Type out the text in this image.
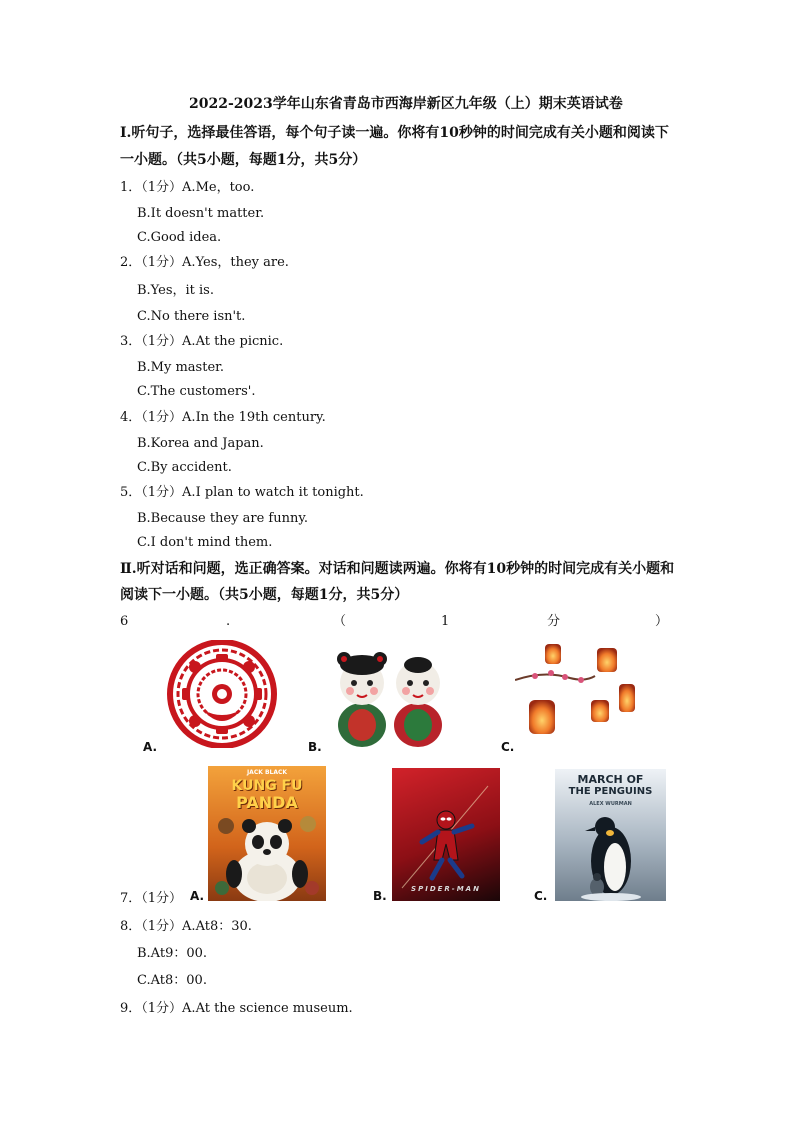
2022-2023学年山东省青岛市西海岸新区九年级（上）期末英语试卷
Ⅰ.听句子，选择最佳答语，每个句子读一遍。你将有10秒钟的时间完成有关小题和阅读下
一小题。（共5小题，每题1分，共5分）
1．（1分）A.Me，too.
B.It doesn't matter.
C.Good idea.
2．（1分）A.Yes，they are.
B.Yes，it is.
C.No there isn't.
3．（1分）A.At the picnic.
B.My master.
C.The customers'.
4．（1分）A.In the 19th century.
B.Korea and Japan.
C.By accident.
5．（1分）A.I plan to watch it tonight.
B.Because they are funny.
C.I don't mind them.
Ⅱ.听对话和问题，选正确答案。对话和问题读两遍。你将有10秒钟的时间完成有关小题和
阅读下一小题。（共5小题，每题1分，共5分）
6	.	（	1	分	）
A.	B.	C.
7．（1分） A.
JACK BLACK
KUNG FU
PANDA
B.	SPIDER-MAN	C.
MARCH OF
THE PENGUINS
ALEX WURMAN
8．（1分）A.At8：30.
B.At9：00.
C.At8：00.
9．（1分）A.At the science museum.
